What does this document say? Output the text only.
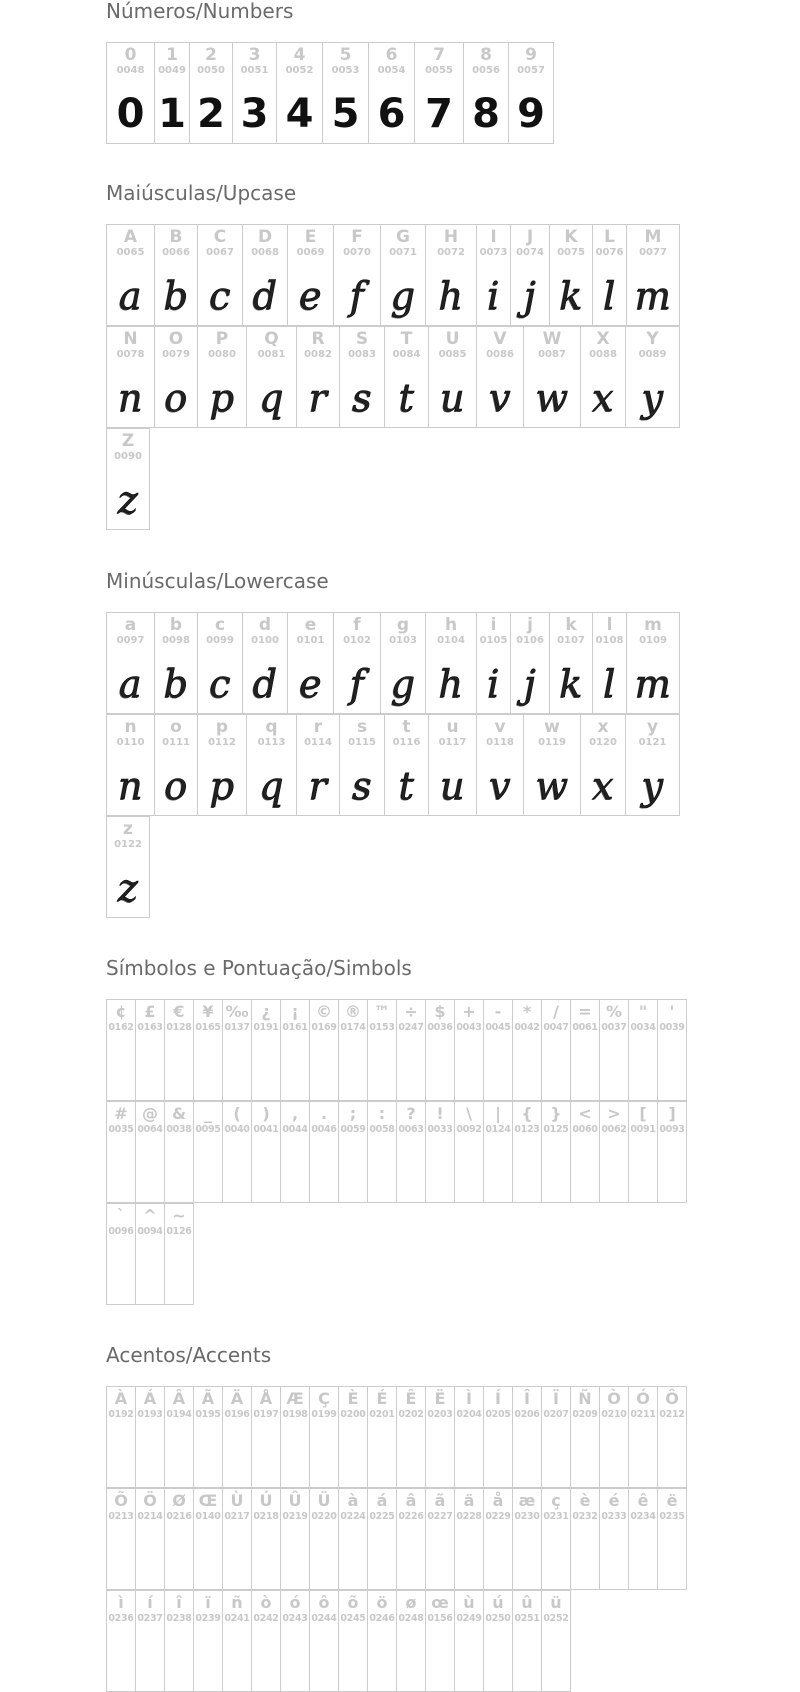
Números/Numbers
0
0048
0
1
0049
1
2
0050
2
3
0051
3
4
0052
4
5
0053
5
6
0054
6
7
0055
7
8
0056
8
9
0057
9
Maiúsculas/Upcase
A
0065
a
B
0066
b
C
0067
c
D
0068
d
E
0069
e
F
0070
f
G
0071
g
H
0072
h
I
0073
i
J
0074
j
K
0075
k
L
0076
l
M
0077
m
N
0078
n
O
0079
o
P
0080
p
Q
0081
q
R
0082
r
S
0083
s
T
0084
t
U
0085
u
V
0086
v
W
0087
w
X
0088
x
Y
0089
y
Z
0090
z
Minúsculas/Lowercase
a
0097
a
b
0098
b
c
0099
c
d
0100
d
e
0101
e
f
0102
f
g
0103
g
h
0104
h
i
0105
i
j
0106
j
k
0107
k
l
0108
l
m
0109
m
n
0110
n
o
0111
o
p
0112
p
q
0113
q
r
0114
r
s
0115
s
t
0116
t
u
0117
u
v
0118
v
w
0119
w
x
0120
x
y
0121
y
z
0122
z
Símbolos e Pontuação/Simbols
¢
0162
£
0163
€
0128
¥
0165
‰
0137
¿
0191
¡
0161
©
0169
®
0174
™
0153
÷
0247
$
0036
+
0043
-
0045
*
0042
/
0047
=
0061
%
0037
"
0034
'
0039
#
0035
@
0064
&
0038
_
0095
(
0040
)
0041
,
0044
.
0046
;
0059
:
0058
?
0063
!
0033
\
0092
|
0124
{
0123
}
0125
<
0060
>
0062
[
0091
]
0093
`
0096
^
0094
~
0126
Acentos/Accents
À
0192
Á
0193
Â
0194
Ã
0195
Ä
0196
Å
0197
Æ
0198
Ç
0199
È
0200
É
0201
Ê
0202
Ë
0203
Ì
0204
Í
0205
Î
0206
Ï
0207
Ñ
0209
Ò
0210
Ó
0211
Ô
0212
Õ
0213
Ö
0214
Ø
0216
Œ
0140
Ù
0217
Ú
0218
Û
0219
Ü
0220
à
0224
á
0225
â
0226
ã
0227
ä
0228
å
0229
æ
0230
ç
0231
è
0232
é
0233
ê
0234
ë
0235
ì
0236
í
0237
î
0238
ï
0239
ñ
0241
ò
0242
ó
0243
ô
0244
õ
0245
ö
0246
ø
0248
œ
0156
ù
0249
ú
0250
û
0251
ü
0252
